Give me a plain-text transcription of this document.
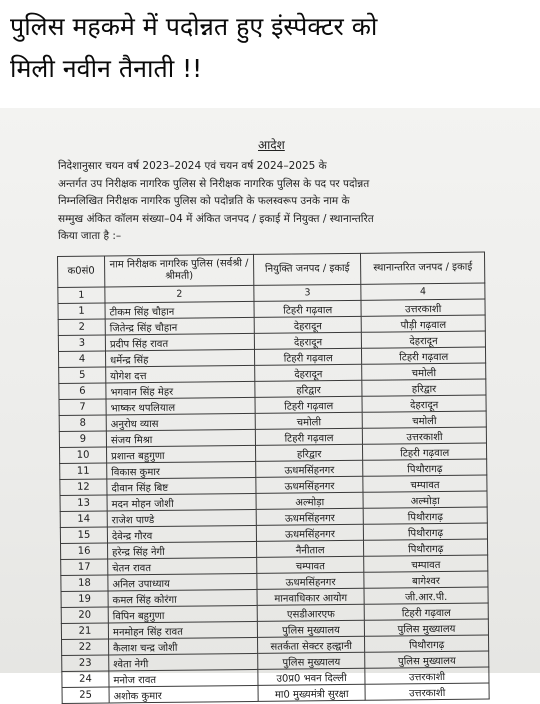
पुलिस महकमे में पदोन्नत हुए इंस्पेक्टर को
मिली नवीन तैनाती !!
आदेश
निदेशानुसार चयन वर्ष 2023–2024 एवं चयन वर्ष 2024–2025 के
अन्तर्गत उप निरीक्षक नागरिक पुलिस से निरीक्षक नागरिक पुलिस के पद पर पदोन्नत
निम्नलिखित निरीक्षक नागरिक पुलिस को पदोन्नति के फलस्वरूप उनके नाम के
सम्मुख अंकित कॉलम संख्या–04 में अंकित जनपद / इकाई में नियुक्त / स्थानान्तरित
किया जाता है :–
क0सं0	नाम निरीक्षक नागरिक पुलिस (सर्वश्री / श्रीमती)	नियुक्ति जनपद / इकाई	स्थानान्तरित जनपद / इकाई
1	2	3	4
1	टीकम सिंह चौहान	टिहरी गढ़वाल	उत्तरकाशी
2	जितेन्द्र सिंह चौहान	देहरादून	पौड़ी गढ़वाल
3	प्रदीप सिंह रावत	देहरादून	देहरादून
4	धर्मेन्द्र सिंह	टिहरी गढ़वाल	टिहरी गढ़वाल
5	योगेश दत्त	देहरादून	चमोली
6	भगवान सिंह मेहर	हरिद्वार	हरिद्वार
7	भाष्कर थपलियाल	टिहरी गढ़वाल	देहरादून
8	अनुरोध व्यास	चमोली	चमोली
9	संजय मिश्रा	टिहरी गढ़वाल	उत्तरकाशी
10	प्रशान्त बहुगुणा	हरिद्वार	टिहरी गढ़वाल
11	विकास कुमार	ऊधमसिंहनगर	पिथौरागढ़
12	दीवान सिंह बिष्ट	ऊधमसिंहनगर	चम्पावत
13	मदन मोहन जोशी	अल्मोड़ा	अल्मोड़ा
14	राजेश पाण्डे	ऊधमसिंहनगर	पिथौरागढ़
15	देवेन्द्र गौरव	ऊधमसिंहनगर	पिथौरागढ़
16	हरेन्द्र सिंह नेगी	नैनीताल	पिथौरागढ़
17	चेतन रावत	चम्पावत	चम्पावत
18	अनिल उपाध्याय	ऊधमसिंहनगर	बागेश्वर
19	कमल सिंह कोरंगा	मानवाधिकार आयोग	जी.आर.पी.
20	विपिन बहुगुणा	एसडीआरएफ	टिहरी गढ़वाल
21	मनमोहन सिंह रावत	पुलिस मुख्यालय	पुलिस मुख्यालय
22	कैलाश चन्द्र जोशी	सतर्कता सेक्टर हल्द्वानी	पिथौरागढ़
23	श्वेता नेगी	पुलिस मुख्यालय	पुलिस मुख्यालय
24	मनोज रावत	उ0प्र0 भवन दिल्ली	उत्तरकाशी
25	अशोक कुमार	मा0 मुख्यमंत्री सुरक्षा	उत्तरकाशी
